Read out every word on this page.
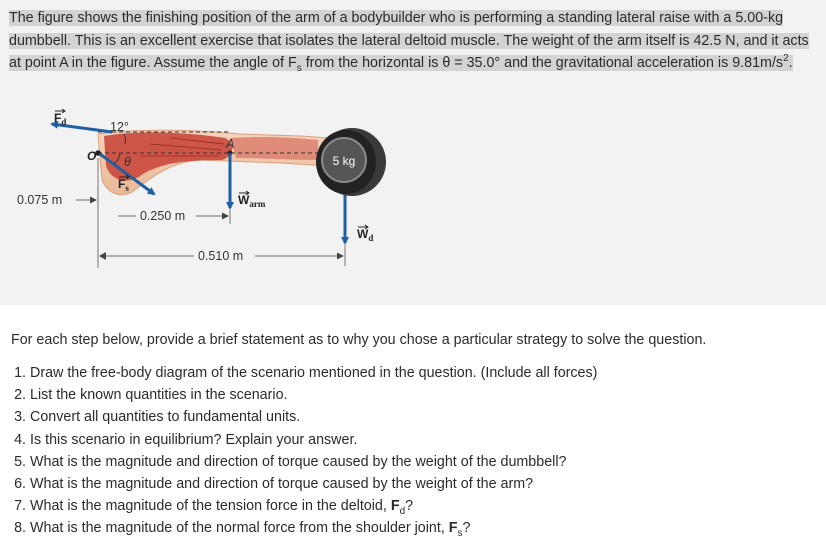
The figure shows the finishing position of the arm of a bodybuilder who is performing a standing lateral raise with a 5.00-kg dumbbell. This is an excellent exercise that isolates the lateral deltoid muscle. The weight of the arm itself is 42.5 N, and it acts at point A in the figure. Assume the angle of $F_s$ from the horizontal is θ = 35.0° and the gravitational acceleration is $9.81m/s^2$.
O
A
12°
θ
$F_d$
$F_s$
$W_{arm}$
$W_d$
5 kg
0.075 m
0.250 m
0.510 m

For each step below, provide a brief statement as to why you chose a particular strategy to solve the question.

1. Draw the free-body diagram of the scenario mentioned in the question. (Include all forces)
2. List the known quantities in the scenario.
3. Convert all quantities to fundamental units.
4. Is this scenario in equilibrium? Explain your answer.
5. What is the magnitude and direction of torque caused by the weight of the dumbbell?
6. What is the magnitude and direction of torque caused by the weight of the arm?
7. What is the magnitude of the tension force in the deltoid, $F_d$?
8. What is the magnitude of the normal force from the shoulder joint, $F_s$?
